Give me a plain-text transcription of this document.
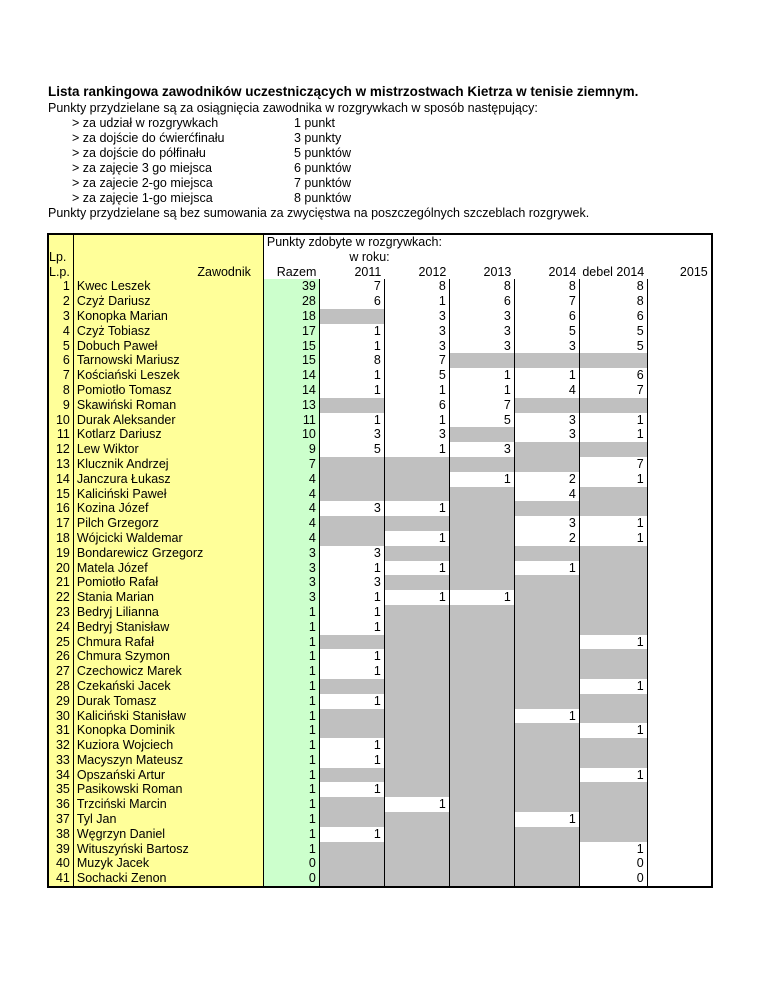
Lista rankingowa zawodników uczestniczących w mistrzostwach Kietrza w tenisie ziemnym.
Punkty przydzielane są za osiągnięcia zawodnika w rozgrywkach w sposób następujący:
> za udział w rozgrywkach	1 punkt
> za dojście do ćwierćfinału	3 punkty
> za dojście do półfinału	5 punktów
> za zajęcie 3 go miejsca	6 punktów
> za zajecie 2-go miejsca	7 punktów
> za zajęcie 1-go miejsca	8 punktów
Punkty przydzielane są bez sumowania za zwycięstwa na poszczególnych szczeblach rozgrywek.
		Punkty zdobyte w rozgrywkach:						
Lp.			w roku:					
L.p.	Zawodnik	Razem	2011	2012	2013	2014	debel 2014	2015
1	Kwec Leszek	39	7	8	8	8	8	
2	Czyż Dariusz	28	6	1	6	7	8	
3	Konopka Marian	18		3	3	6	6	
4	Czyż Tobiasz	17	1	3	3	5	5	
5	Dobuch Paweł	15	1	3	3	3	5	
6	Tarnowski Mariusz	15	8	7				
7	Kościański Leszek	14	1	5	1	1	6	
8	Pomiotło Tomasz	14	1	1	1	4	7	
9	Skawiński Roman	13		6	7			
10	Durak Aleksander	11	1	1	5	3	1	
11	Kotlarz Dariusz	10	3	3		3	1	
12	Lew Wiktor	9	5	1	3			
13	Klucznik Andrzej	7					7	
14	Janczura Łukasz	4			1	2	1	
15	Kaliciński Paweł	4				4		
16	Kozina Józef	4	3	1				
17	Pilch Grzegorz	4				3	1	
18	Wójcicki Waldemar	4		1		2	1	
19	Bondarewicz Grzegorz	3	3					
20	Matela Józef	3	1	1		1		
21	Pomiotło Rafał	3	3					
22	Stania Marian	3	1	1	1			
23	Bedryj Lilianna	1	1					
24	Bedryj Stanisław	1	1					
25	Chmura Rafał	1					1	
26	Chmura Szymon	1	1					
27	Czechowicz Marek	1	1					
28	Czekański Jacek	1					1	
29	Durak Tomasz	1	1					
30	Kaliciński Stanisław	1				1		
31	Konopka Dominik	1					1	
32	Kuziora Wojciech	1	1					
33	Macyszyn Mateusz	1	1					
34	Opszański Artur	1					1	
35	Pasikowski Roman	1	1					
36	Trzciński Marcin	1		1				
37	Tyl Jan	1				1		
38	Węgrzyn Daniel	1	1					
39	Wituszyński Bartosz	1					1	
40	Muzyk Jacek	0					0	
41	Sochacki Zenon	0					0	
